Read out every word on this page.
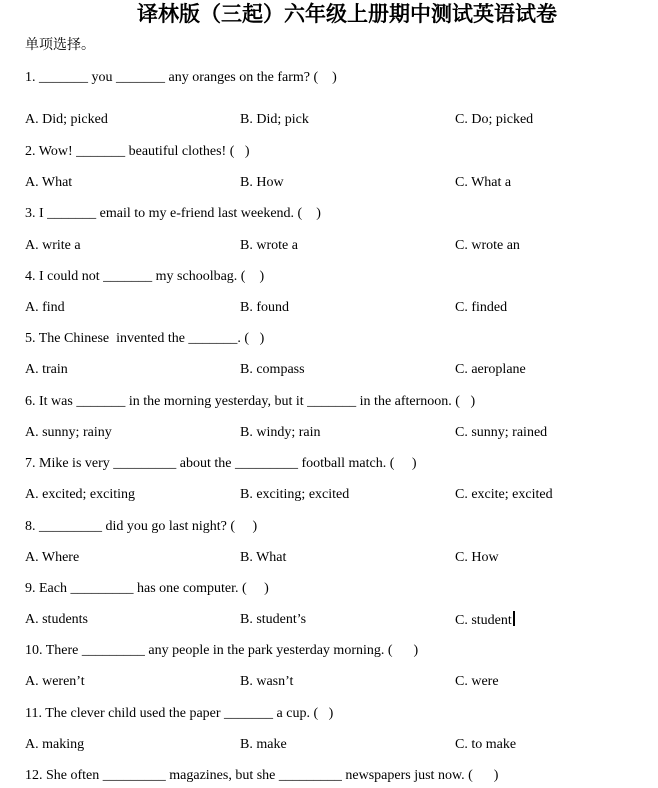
译林版（三起）六年级上册期中测试英语试卷
单项选择。
1. _______ you _______ any oranges on the farm? (    )
A. Did; picked	B. Did; pick	C. Do; picked
2. Wow! _______ beautiful clothes! (   )
A. What	B. How	C. What a
3. I _______ email to my e-friend last weekend. (    )
A. write a	B. wrote a	C. wrote an
4. I could not _______ my schoolbag. (    )
A. find	B. found	C. finded
5. The Chinese  invented the _______. (   )
A. train	B. compass	C. aeroplane
6. It was _______ in the morning yesterday, but it _______ in the afternoon. (   )
A. sunny; rainy	B. windy; rain	C. sunny; rained
7. Mike is very _________ about the _________ football match. (     )
A. excited; exciting	B. exciting; excited	C. excite; excited
8. _________ did you go last night? (     )
A. Where	B. What	C. How
9. Each _________ has one computer. (     )
A. students	B. student’s	C. student
10. There _________ any people in the park yesterday morning. (      )
A. weren’t	B. wasn’t	C. were
11. The clever child used the paper _______ a cup. (   )
A. making	B. make	C. to make
12. She often _________ magazines, but she _________ newspapers just now. (      )
